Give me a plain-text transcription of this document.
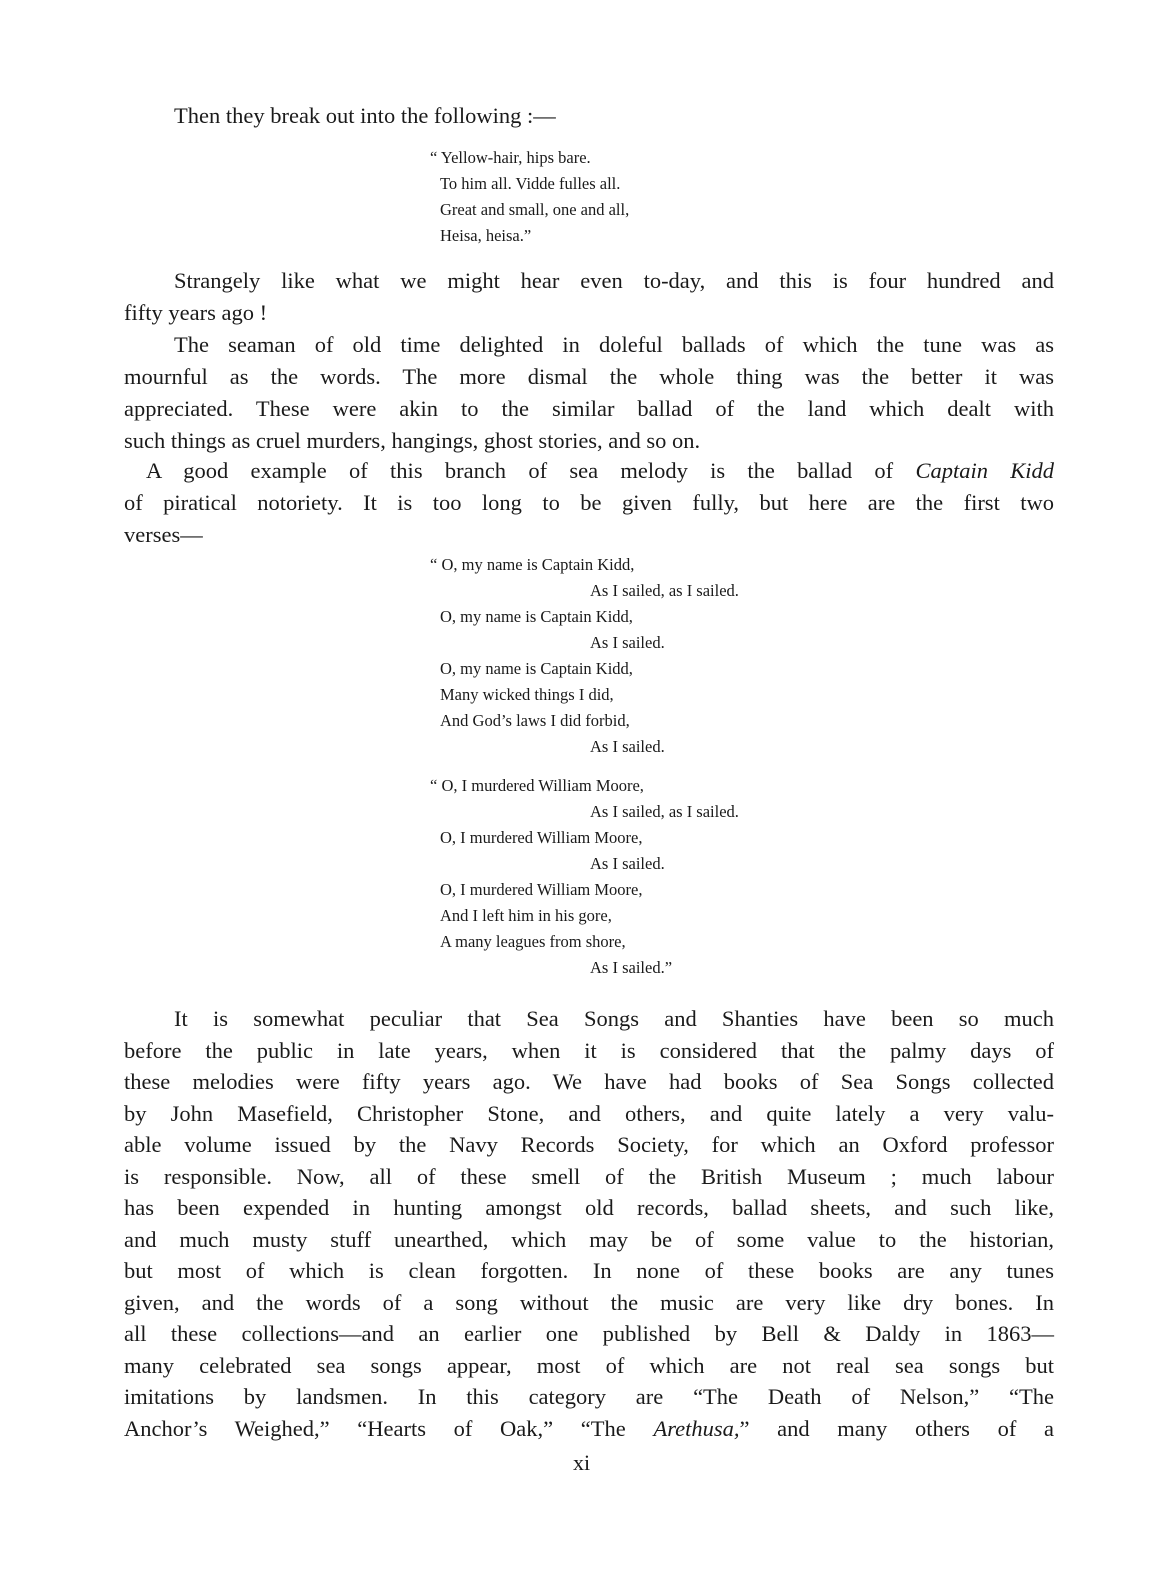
Then they break out into the following :—

“ Yellow-hair, hips bare.
To him all. Vidde fulles all.
Great and small, one and all,
Heisa, heisa.”

Strangely like what we might hear even to-day, and this is four hundred and

fifty years ago !

The seaman of old time delighted in doleful ballads of which the tune was as

mournful as the words. The more dismal the whole thing was the better it was

appreciated. These were akin to the similar ballad of the land which dealt with

such things as cruel murders, hangings, ghost stories, and so on.

A good example of this branch of sea melody is the ballad of Captain Kidd

of piratical notoriety. It is too long to be given fully, but here are the first two

verses—

“ O, my name is Captain Kidd,
As I sailed, as I sailed.
O, my name is Captain Kidd,
As I sailed.
O, my name is Captain Kidd,
Many wicked things I did,
And God’s laws I did forbid,
As I sailed.
“ O, I murdered William Moore,
As I sailed, as I sailed.
O, I murdered William Moore,
As I sailed.
O, I murdered William Moore,
And I left him in his gore,
A many leagues from shore,
As I sailed.”

It is somewhat peculiar that Sea Songs and Shanties have been so much

before the public in late years, when it is considered that the palmy days of

these melodies were fifty years ago. We have had books of Sea Songs collected

by John Masefield, Christopher Stone, and others, and quite lately a very valu-

able volume issued by the Navy Records Society, for which an Oxford professor

is responsible. Now, all of these smell of the British Museum ; much labour

has been expended in hunting amongst old records, ballad sheets, and such like,

and much musty stuff unearthed, which may be of some value to the historian,

but most of which is clean forgotten. In none of these books are any tunes

given, and the words of a song without the music are very like dry bones. In

all these collections—and an earlier one published by Bell & Daldy in 1863—

many celebrated sea songs appear, most of which are not real sea songs but

imitations by landsmen. In this category are “The Death of Nelson,” “The

Anchor’s Weighed,” “Hearts of Oak,” “The Arethusa,” and many others of a

xi
